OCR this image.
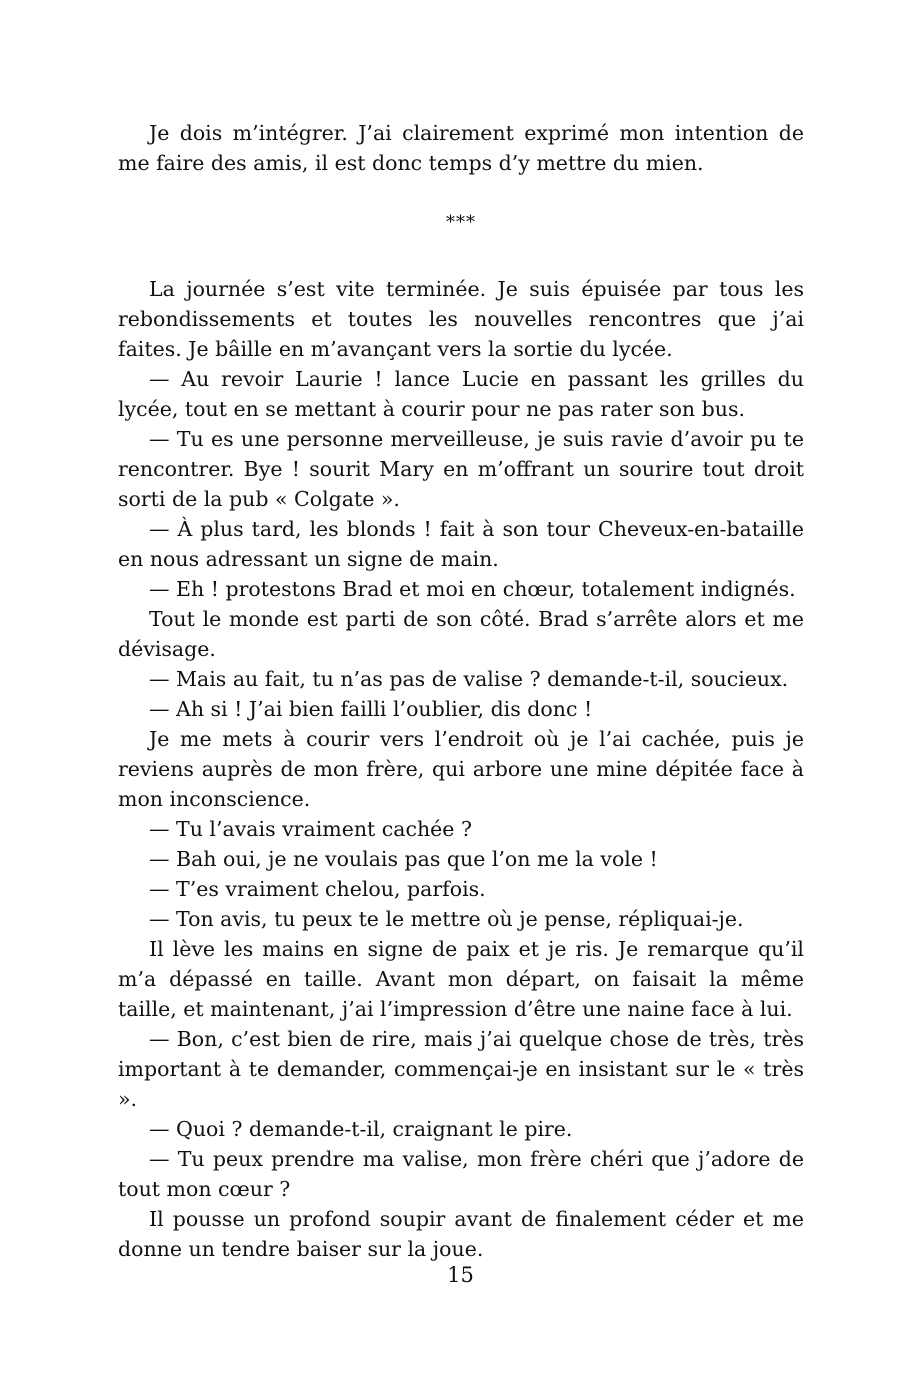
Je dois m’intégrer. J’ai clairement exprimé mon intention de me faire des amis, il est donc temps d’y mettre du mien.

***

La journée s’est vite terminée. Je suis épuisée par tous les rebondissements et toutes les nouvelles rencontres que j’ai faites. Je bâille en m’avançant vers la sortie du lycée.

— Au revoir Laurie ! lance Lucie en passant les grilles du lycée, tout en se mettant à courir pour ne pas rater son bus.

— Tu es une personne merveilleuse, je suis ravie d’avoir pu te rencontrer. Bye ! sourit Mary en m’offrant un sourire tout droit sorti de la pub « Colgate ».

— À plus tard, les blonds ! fait à son tour Cheveux-en-bataille en nous adressant un signe de main.

— Eh ! protestons Brad et moi en chœur, totalement indignés.

Tout le monde est parti de son côté. Brad s’arrête alors et me dévisage.

— Mais au fait, tu n’as pas de valise ? demande-t-il, soucieux.

— Ah si ! J’ai bien failli l’oublier, dis donc !

Je me mets à courir vers l’endroit où je l’ai cachée, puis je reviens auprès de mon frère, qui arbore une mine dépitée face à mon inconscience.

— Tu l’avais vraiment cachée ?

— Bah oui, je ne voulais pas que l’on me la vole !

— T’es vraiment chelou, parfois.

— Ton avis, tu peux te le mettre où je pense, répliquai-je.

Il lève les mains en signe de paix et je ris. Je remarque qu’il m’a dépassé en taille. Avant mon départ, on faisait la même taille, et maintenant, j’ai l’impression d’être une naine face à lui.

— Bon, c’est bien de rire, mais j’ai quelque chose de très, très important à te demander, commençai-je en insistant sur le « très ».

— Quoi ? demande-t-il, craignant le pire.

— Tu peux prendre ma valise, mon frère chéri que j’adore de tout mon cœur ?

Il pousse un profond soupir avant de finalement céder et me donne un tendre baiser sur la joue.

15
